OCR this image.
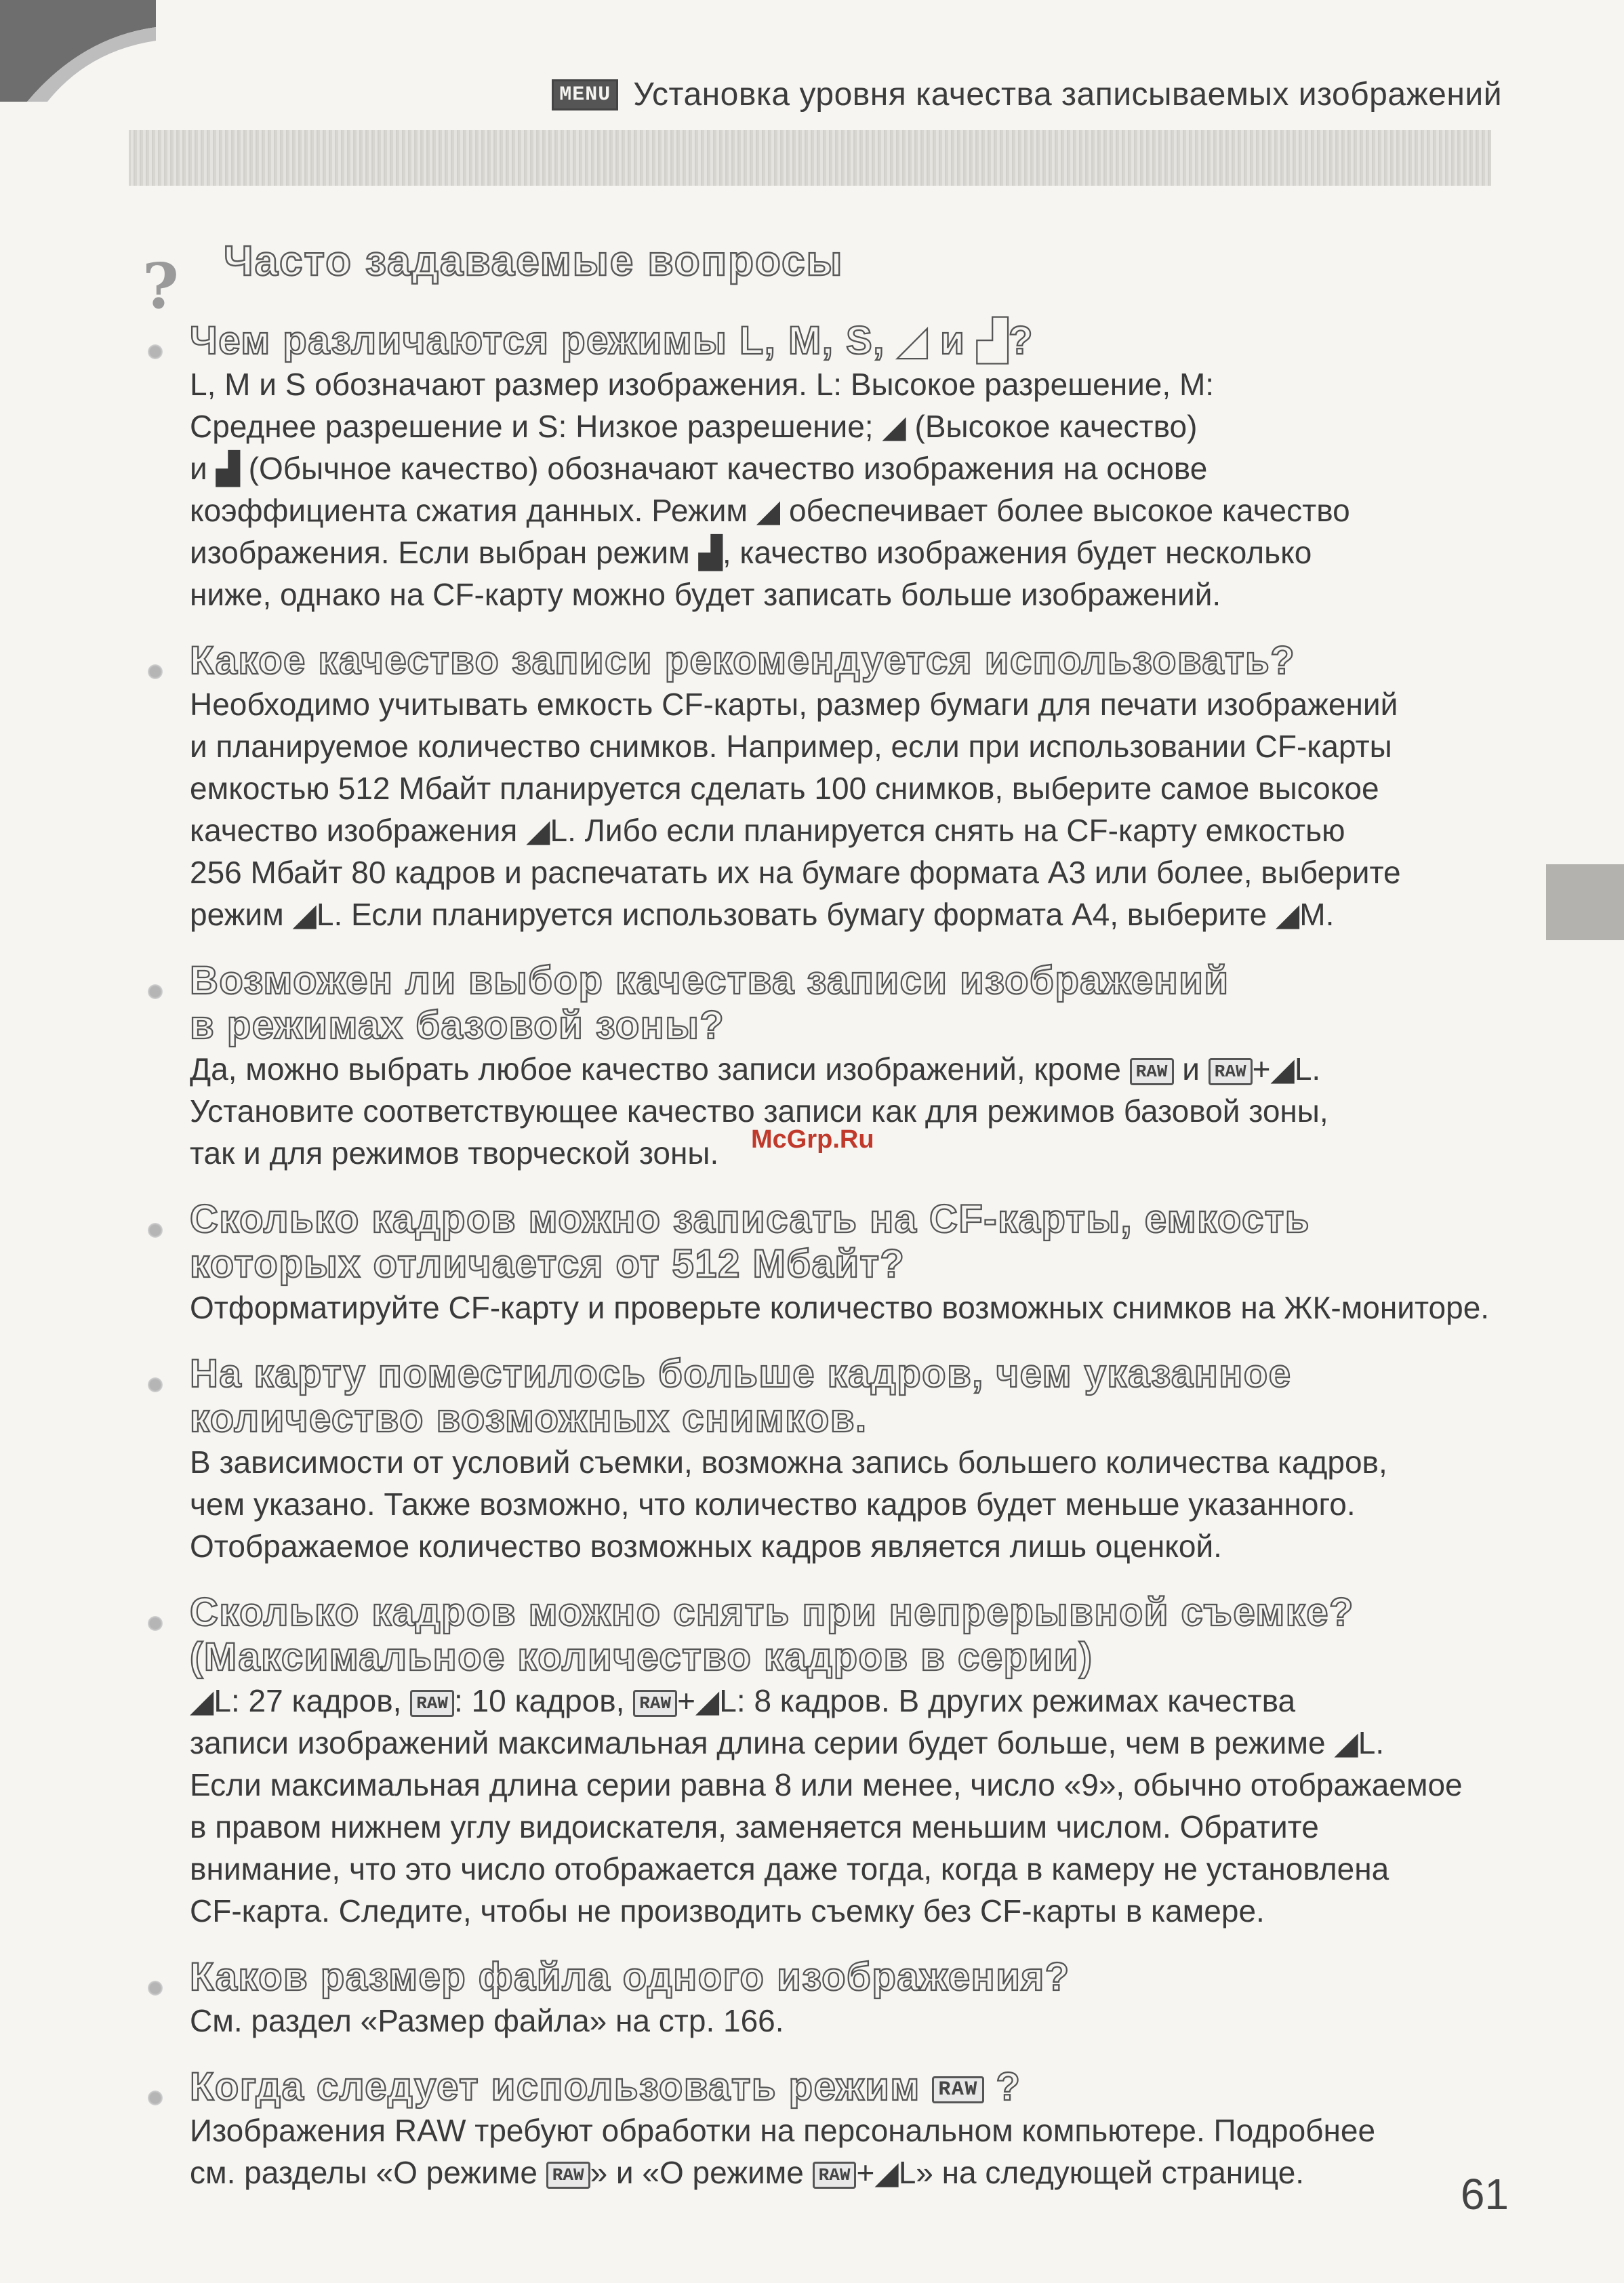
MENU Установка уровня качества записываемых изображений
? Часто задаваемые вопросы
Чем различаются режимы L, M, S, ◢ и ▟?
L, M и S обозначают размер изображения. L: Высокое разрешение, M:
Среднее разрешение и S: Низкое разрешение; ◢ (Высокое качество)
и ▟ (Обычное качество) обозначают качество изображения на основе
коэффициента сжатия данных. Режим ◢ обеспечивает более высокое качество
изображения. Если выбран режим ▟, качество изображения будет несколько
ниже, однако на CF-карту можно будет записать больше изображений.
Какое качество записи рекомендуется использовать?
Необходимо учитывать емкость CF-карты, размер бумаги для печати изображений
и планируемое количество снимков. Например, если при использовании CF-карты
емкостью 512 Мбайт планируется сделать 100 снимков, выберите самое высокое
качество изображения ◢L. Либо если планируется снять на CF-карту емкостью
256 Мбайт 80 кадров и распечатать их на бумаге формата A3 или более, выберите
режим ◢L. Если планируется использовать бумагу формата A4, выберите ◢M.
Возможен ли выбор качества записи изображений
в режимах базовой зоны?
Да, можно выбрать любое качество записи изображений, кроме RAW и RAW +◢L.
Установите соответствующее качество записи как для режимов базовой зоны,
так и для режимов творческой зоны.
Сколько кадров можно записать на CF-карты, емкость
которых отличается от 512 Мбайт?
Отформатируйте CF-карту и проверьте количество возможных снимков на ЖК-мониторе.
На карту поместилось больше кадров, чем указанное
количество возможных снимков.
В зависимости от условий съемки, возможна запись большего количества кадров,
чем указано. Также возможно, что количество кадров будет меньше указанного.
Отображаемое количество возможных кадров является лишь оценкой.
Сколько кадров можно снять при непрерывной съемке?
(Максимальное количество кадров в серии)
◢L: 27 кадров, RAW : 10 кадров, RAW +◢L: 8 кадров. В других режимах качества
записи изображений максимальная длина серии будет больше, чем в режиме ◢L.
Если максимальная длина серии равна 8 или менее, число «9», обычно отображаемое
в правом нижнем углу видоискателя, заменяется меньшим числом. Обратите
внимание, что это число отображается даже тогда, когда в камеру не установлена
CF-карта. Следите, чтобы не производить съемку без CF-карты в камере.
Каков размер файла одного изображения?
См. раздел «Размер файла» на стр. 166.
Когда следует использовать режим RAW ?
Изображения RAW требуют обработки на персональном компьютере. Подробнее
см. разделы «О режиме RAW » и «О режиме RAW +◢L» на следующей странице.
McGrp.Ru
61
